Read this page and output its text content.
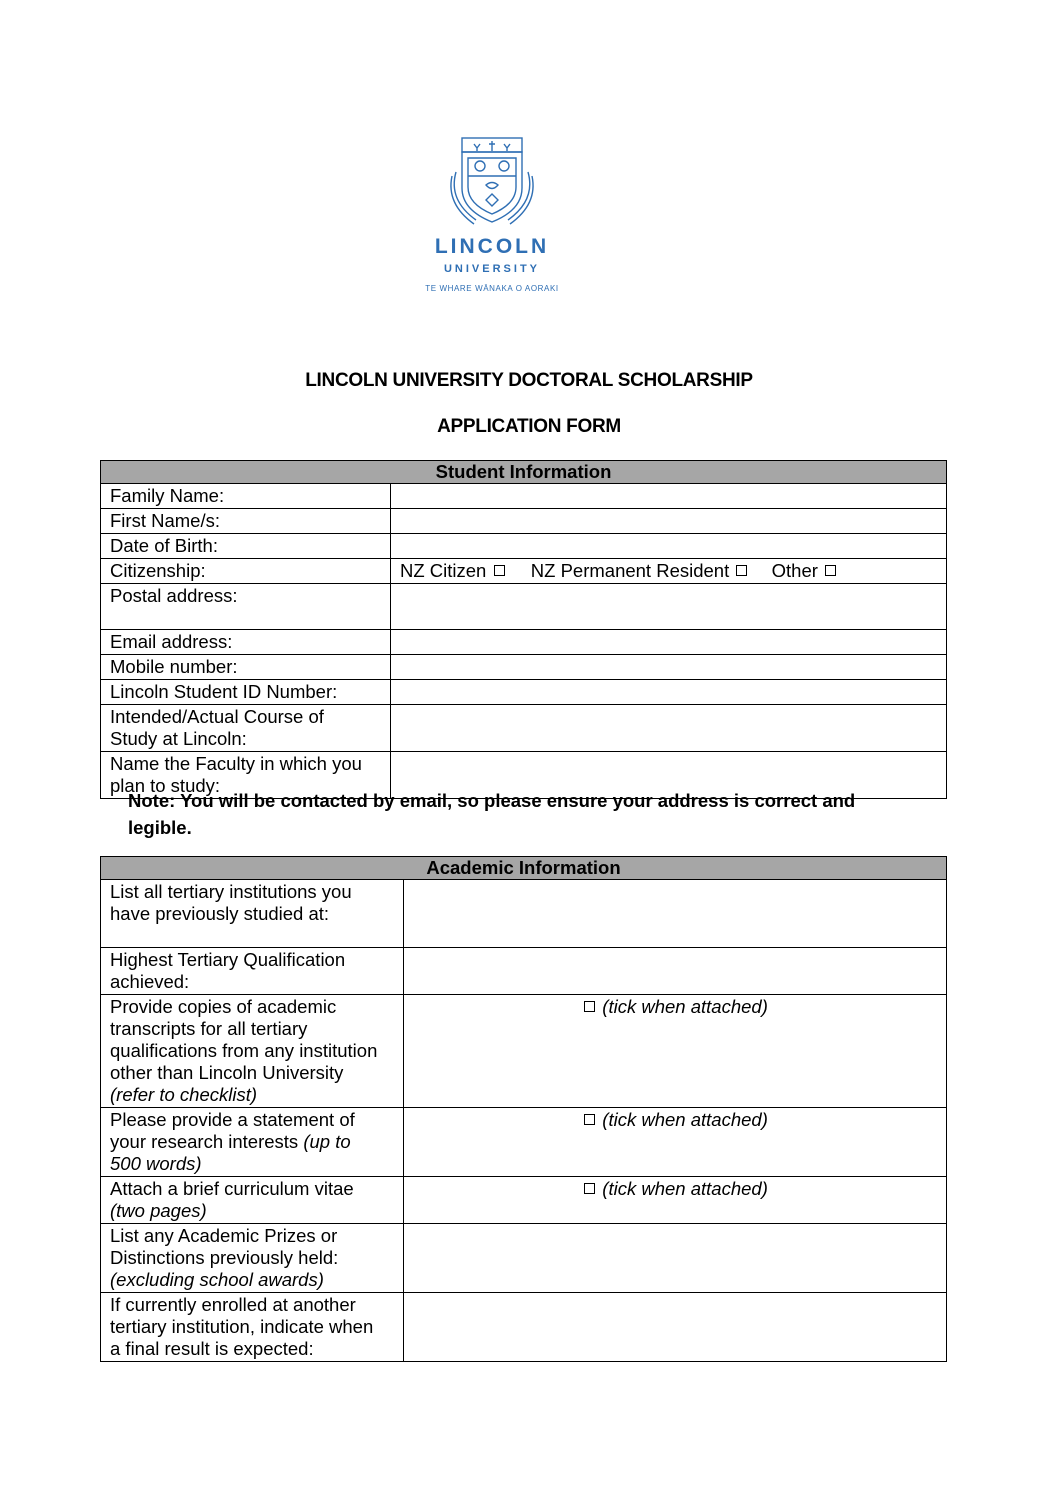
LINCOLN
UNIVERSITY
TE WHARE WĀNAKA O AORAKI
LINCOLN UNIVERSITY DOCTORAL SCHOLARSHIP
APPLICATION FORM
Student Information	
Family Name:	
First Name/s:	
Date of Birth:	
Citizenship:	NZ Citizen NZ Permanent Resident Other
Postal address:	
Email address:	
Mobile number:	
Lincoln Student ID Number:	

Intended/Actual Course of
Study at Lincoln:	

Name the Faculty in which you
plan to study:	

Note: You will be contacted by email, so please ensure your address is correct and
legible.
Academic Information	

List all tertiary institutions you
have previously studied at:	

Highest Tertiary Qualification
achieved:	

Provide copies of academic
transcripts for all tertiary
qualifications from any institution
other than Lincoln University
(refer to checklist)	(tick when attached)

Please provide a statement of
your research interests (up to
500 words)	(tick when attached)

Attach a brief curriculum vitae
(two pages)	(tick when attached)

List any Academic Prizes or
Distinctions previously held:
(excluding school awards)	

If currently enrolled at another
tertiary institution, indicate when
a final result is expected:	
